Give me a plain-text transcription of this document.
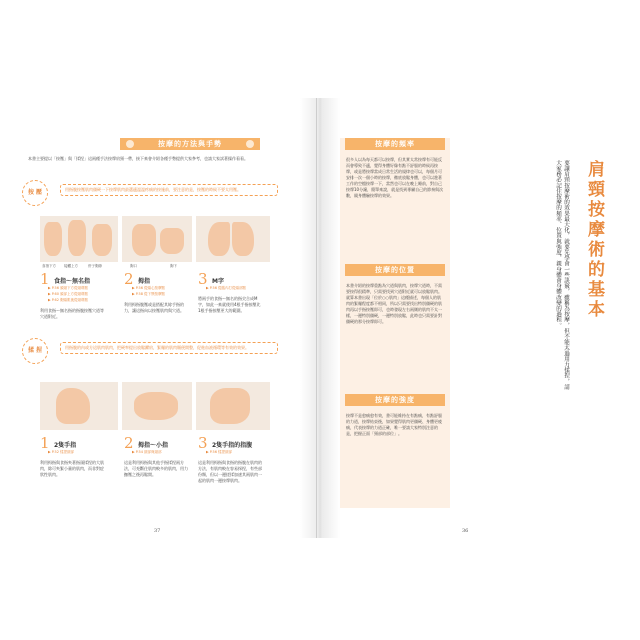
按摩的方法與手勢
本書主要提以「按壓」與「揉捏」這兩種手法按摩肩頸一帶，接下來會介紹各種手勢提供大家參考，也請大家試著操作看看。
按 壓	用指腹按壓肌肉僵硬一下按摩肌肉最選適溫溫疼痛的按施前，要注意的是，按壓的時候不要太用壓。
食指下方 接觸上方	併子側緣	胸口	胸下
1 食指～無名指
▶ P.56 頭頸下方從頸鼻點
▶ P.60 頭部上方從頸鼻點
▶ P.62 側頭肌後從頸鼻點
利用食指～無名指的指腹按壓穴道等穴道附近。
2 拇指
▶ P.56 從頭心按摩點
▶ P.58 從下顎按摩點
利用拇指腹壓或是搭配其餘手指的力，讓這指向以按壓肌肉與穴道。
3 M字
▶ P.56 從腦內打從頭部點
將兩手的食指～無名的指尖合成M字，如此一來就使用4根手指按壓比1根手指按壓更大的範圍。
揉 捏	用指腹的內或方這肌肉肌肉，把硬率提出放鬆躍肩，緊繃的肌肉順便開整，促進血液循環等有效的效果。
1 2隻手指
▶ P.52 揉捏頸部
利用拇指與食指夾著指頭揉捏的大肌肉，除可夾緊小量的肌肉，而非對症狀性肌肉。
2 拇指～小指
▶ P.54 頸部與頸部
這是利用拇指與其他手指揉捏兩方法，可充斷住肌肉較多的肌肉，用力撫壓之後再鬆開。
3 2隻手指的指腹
▶ P.56 揉捏頸部
這是利用拇指與食指的指腹在肌肉的方法，有肌肉較在容易採捏，有些部份類，但以一邊搓揉加速其兩肌肉一起的肌肉一邊按摩肌肉。
37
按摩的頻率
很多人以為每天都可以按摩，但其實太常按摩有可能反而會導致不適，覺得身體好像有點不舒服的時候再按摩，或是將按摩當成日常生活的規律也可以，每個月可安排一次一個小時的按摩，徹底放鬆身體，也可以趁著工作的空檔按摩一下，當然也可以在晚上睡前，對自己按摩10分鐘，簡單來說，就是找到專屬自己的節奏與次數，親身體驗按摩的效果。
按摩的位置
本書介紹的按摩重點為穴道與肌肉，按摩穴道時，不需要按得很精準，只需要找到穴道附近就可以放鬆肌肉。就算本書出現「位於○○肌肉」這種描述，每個人的肌肉的緊繃程度都不相同，所以只需要找出特別僵硬的肌肉再以手指按壓即可，也時發現左右兩側的肌肉不太一樣，一邊特別僵硬，一邊特別放鬆，此時也只需要針對僵硬的那分按摩即可。
按摩的強度
按摩不是愈痛愈有效，書可能維持在有點痛，有點舒服的力道，按摩結束後，如果覺得肌肉更僵硬、身體更痠痛，代表按摩的力道正確，唯一要請大家特別注意的是，把握正面「頸部的部位」。
要讓肩頸按摩術的效果最大化，就要先學會一些訣竅，雖稱為按摩，但不能太過用力揉捏，請大家務必記住按摩的頻率、位置與強度，親身體會身體改變的過程。	肩頸按摩術的基本
36
